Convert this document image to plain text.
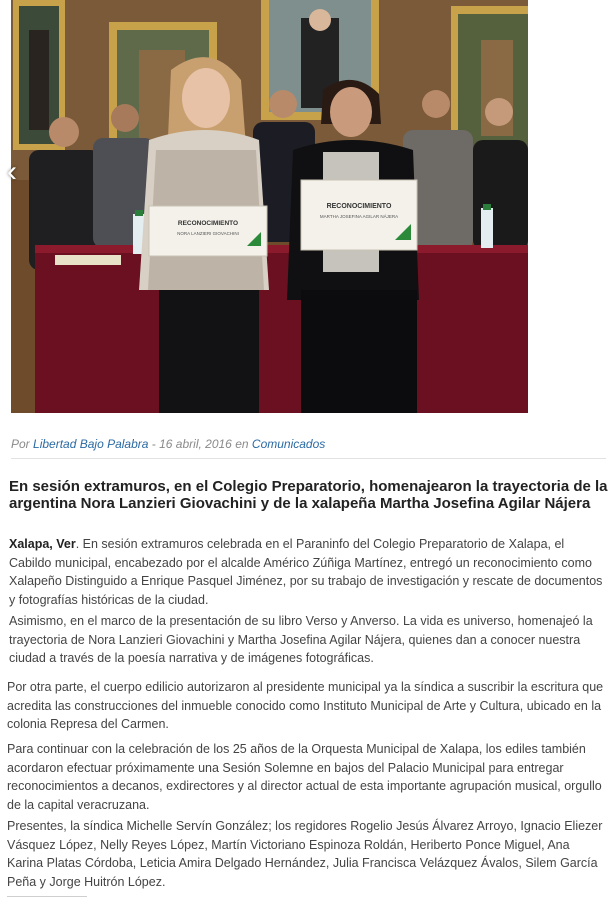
RECONOCIMIENTO
NORA LANZIERI GIOVACHINI
RECONOCIMIENTO
MARTHA JOSEFINA AGILAR NÁJERA
‹
Por Libertad Bajo Palabra - 16 abril, 2016 en Comunicados
En sesión extramuros, en el Colegio Preparatorio, homenajearon la trayectoria de la argentina Nora Lanzieri Giovachini y de la xalapeña Martha Josefina Agilar Nájera

Xalapa, Ver. En sesión extramuros celebrada en el Paraninfo del Colegio Preparatorio de Xalapa, el Cabildo municipal, encabezado por el alcalde Américo Zúñiga Martínez, entregó un reconocimiento como Xalapeño Distinguido a Enrique Pasquel Jiménez, por su trabajo de investigación y rescate de documentos y fotografías históricas de la ciudad.

Asimismo, en el marco de la presentación de su libro Verso y Anverso. La vida es universo, homenajeó la trayectoria de Nora Lanzieri Giovachini y Martha Josefina Agilar Nájera, quienes dan a conocer nuestra ciudad a través de la poesía narrativa y de imágenes fotográficas.

Por otra parte, el cuerpo edilicio autorizaron al presidente municipal ya la síndica a suscribir la escritura que acredita las construcciones del inmueble conocido como Instituto Municipal de Arte y Cultura, ubicado en la colonia Represa del Carmen.

Para continuar con la celebración de los 25 años de la Orquesta Municipal de Xalapa, los ediles también acordaron efectuar próximamente una Sesión Solemne en bajos del Palacio Municipal para entregar reconocimientos a decanos, exdirectores y al director actual de esta importante agrupación musical, orgullo de la capital veracruzana.

Presentes, la síndica Michelle Servín González; los regidores Rogelio Jesús Álvarez Arroyo, Ignacio Eliezer Vásquez López, Nelly Reyes López, Martín Victoriano Espinoza Roldán, Heriberto Ponce Miguel, Ana Karina Platas Córdoba, Leticia Amira Delgado Hernández, Julia Francisca Velázquez Ávalos, Silem García Peña y Jorge Huitrón López.
